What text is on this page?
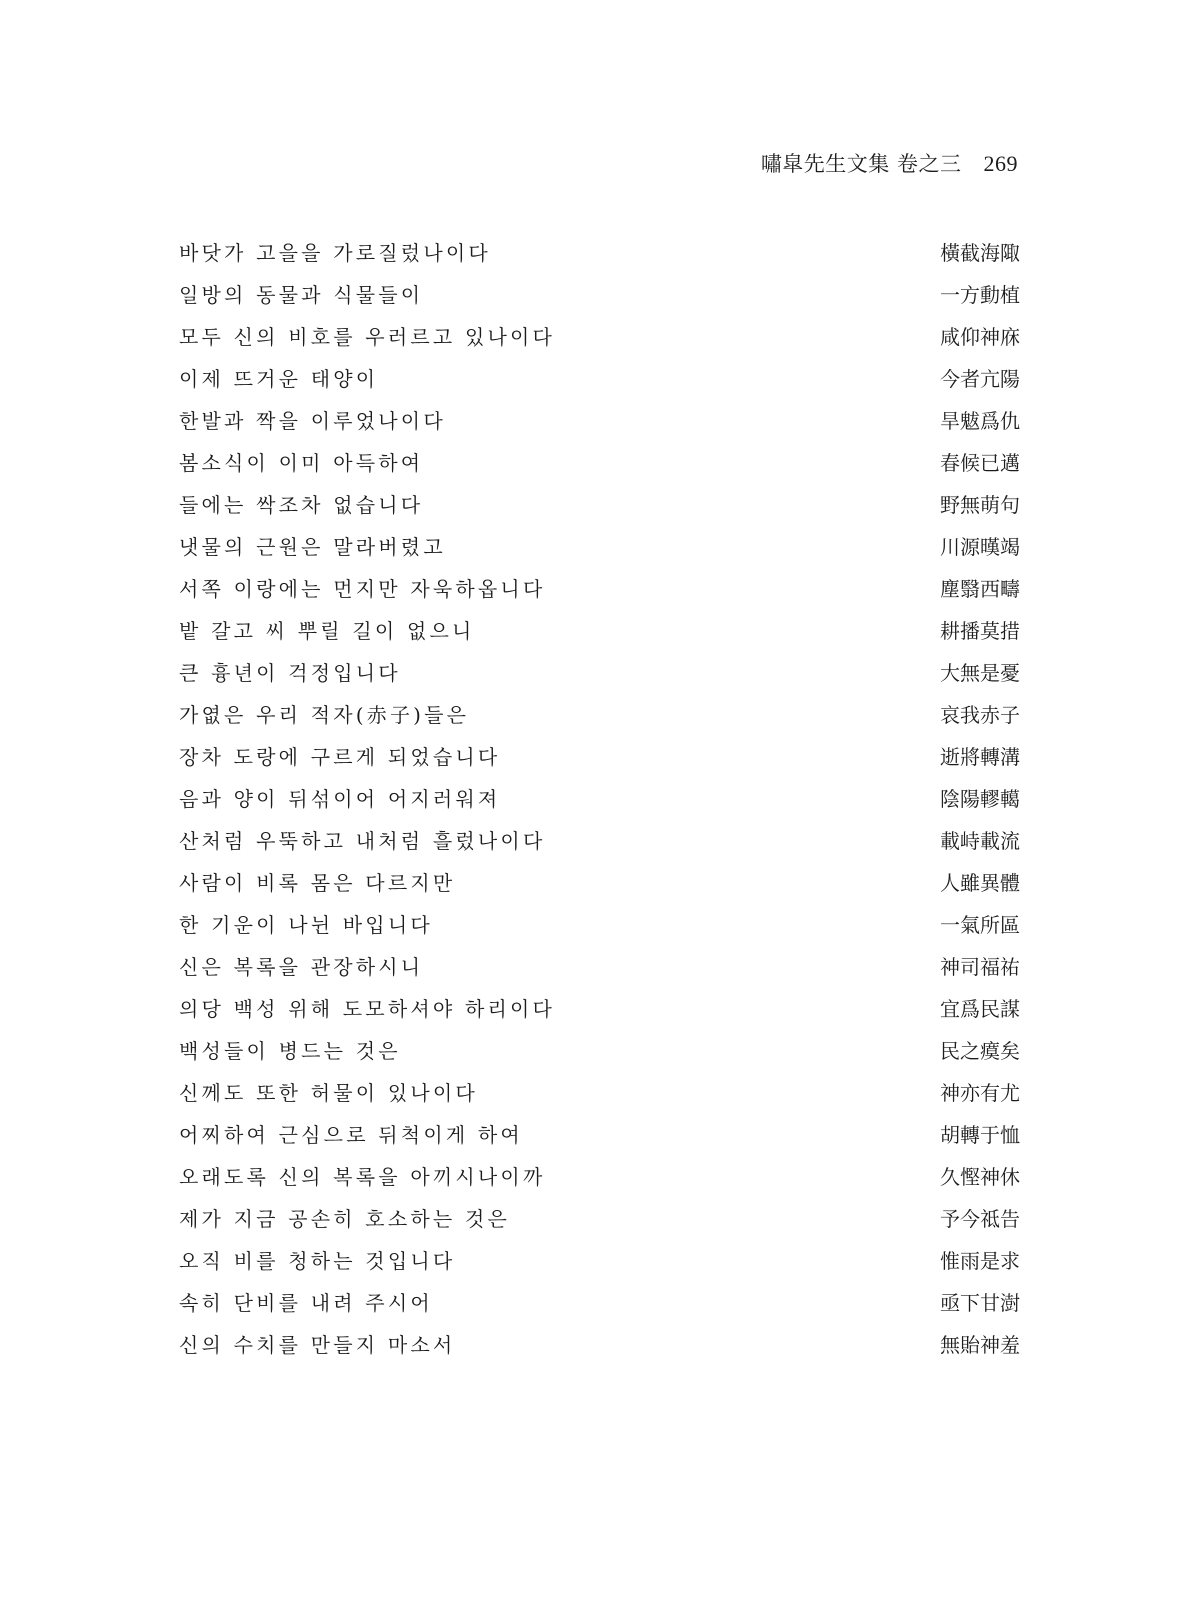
嘯皐先生文集 卷之三 269
바닷가 고을을 가로질렀나이다	橫截海陬
일방의 동물과 식물들이	一方動植
모두 신의 비호를 우러르고 있나이다	咸仰神庥
이제 뜨거운 태양이	今者亢陽
한발과 짝을 이루었나이다	旱魃爲仇
봄소식이 이미 아득하여	春候已邁
들에는 싹조차 없습니다	野無萌句
냇물의 근원은 말라버렸고	川源暵竭
서쪽 이랑에는 먼지만 자욱하옵니다	塵翳西疇
밭 갈고 씨 뿌릴 길이 없으니	耕播莫措
큰 흉년이 걱정입니다	大無是憂
가엾은 우리 적자(赤子)들은	哀我赤子
장차 도랑에 구르게 되었습니다	逝將轉溝
음과 양이 뒤섞이어 어지러워져	陰陽轇轕
산처럼 우뚝하고 내처럼 흘렀나이다	載峙載流
사람이 비록 몸은 다르지만	人雖異體
한 기운이 나뉜 바입니다	一氣所區
신은 복록을 관장하시니	神司福祐
의당 백성 위해 도모하셔야 하리이다	宜爲民謀
백성들이 병드는 것은	民之瘼矣
신께도 또한 허물이 있나이다	神亦有尤
어찌하여 근심으로 뒤척이게 하여	胡轉于恤
오래도록 신의 복록을 아끼시나이까	久慳神休
제가 지금 공손히 호소하는 것은	予今祗告
오직 비를 청하는 것입니다	惟雨是求
속히 단비를 내려 주시어	亟下甘澍
신의 수치를 만들지 마소서	無貽神羞
